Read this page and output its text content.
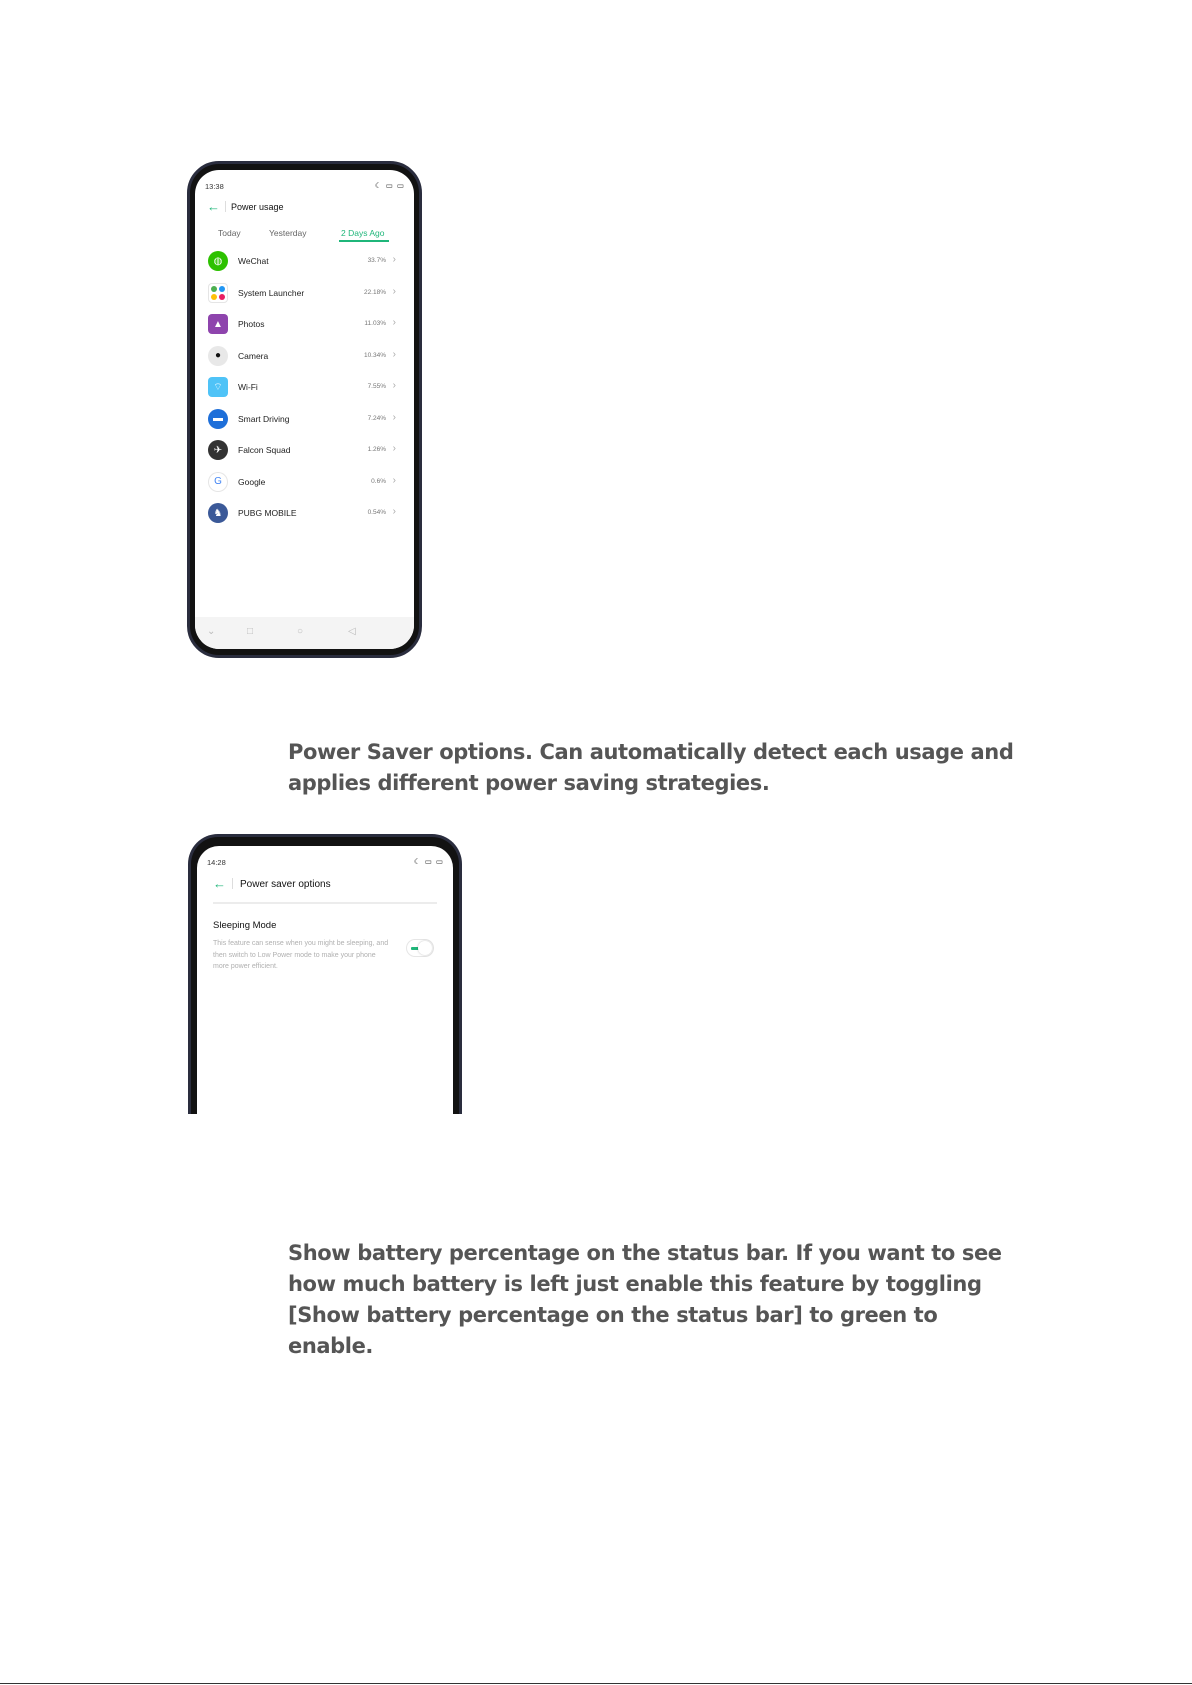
13:38	☾ ▭ ▭
← Power usage
Today	Yesterday	2 Days Ago
◍	WeChat	33.7% ›
System Launcher	22.18% ›
▲	Photos	11.03% ›
●	Camera	10.34% ›
⌔	Wi-Fi	7.55% ›
▬	Smart Driving	7.24% ›
✈	Falcon Squad	1.26% ›
G	Google	0.6% ›
♞	PUBG MOBILE	0.54% ›
⌄	□	○	◁
Power Saver options. Can automatically detect each usage and applies different power saving strategies.
14:28	☾ ▭ ▭
← Power saver options
Sleeping Mode
This feature can sense when you might be sleeping, and then switch to Low Power mode to make your phone more power efficient.
Show battery percentage on the status bar. If you want to see how much battery is left just enable this feature by toggling [Show battery percentage on the status bar] to green to enable.
